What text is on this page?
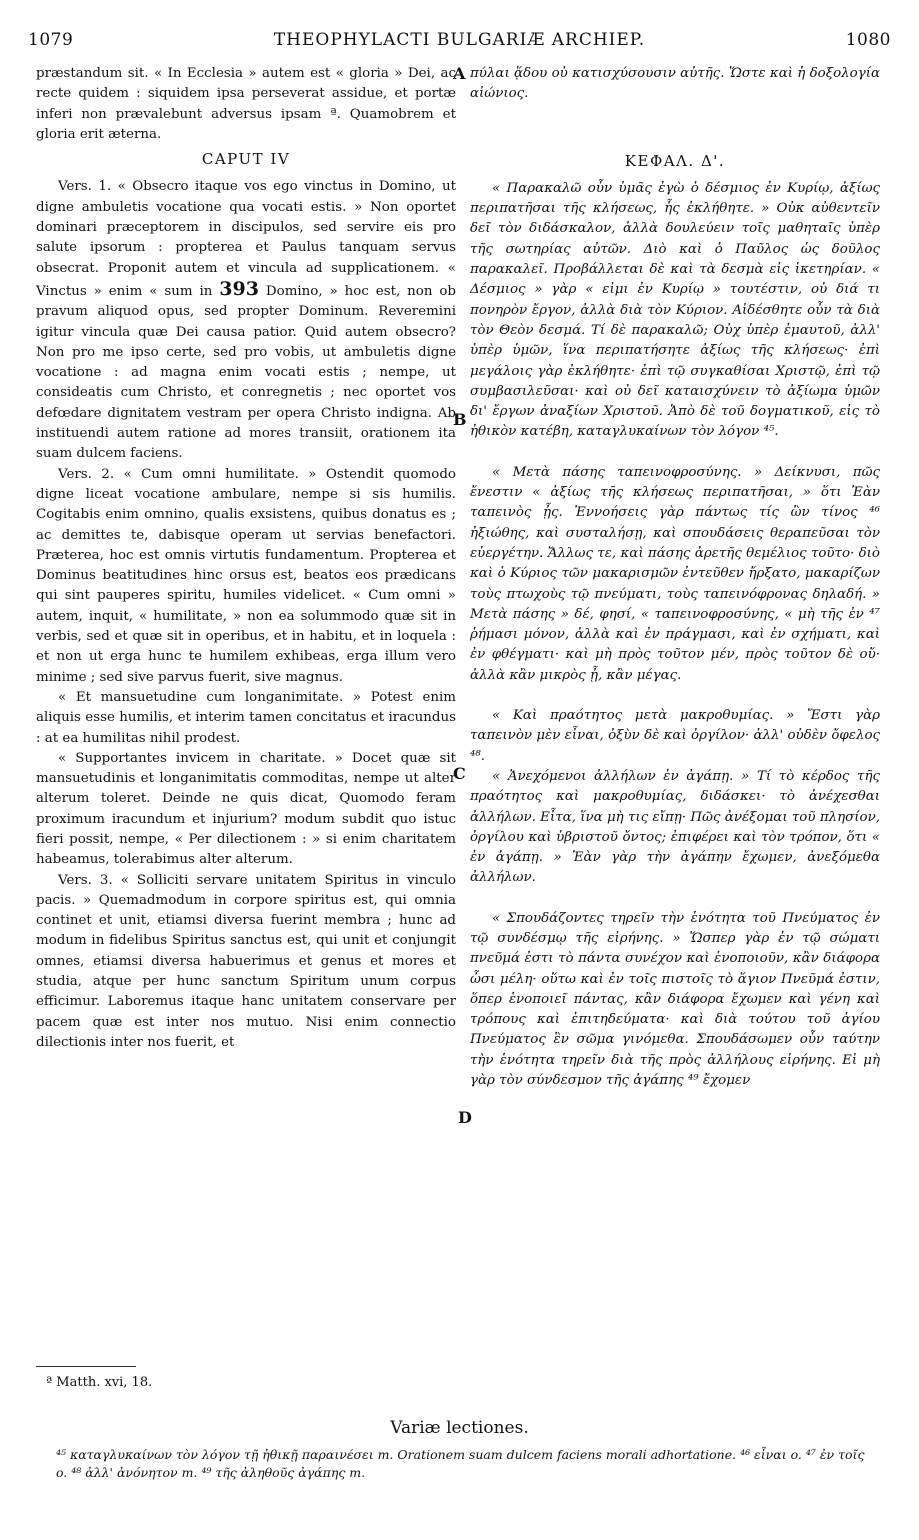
1079	THEOPHYLACTI BULGARIÆ ARCHIEP.	1080

præstandum sit. « In Ecclesia » autem est « gloria » Dei, ac recte quidem : siquidem ipsa perseverat assidue, et portæ inferi non prævalebunt adversus ipsam ª. Quamobrem et gloria erit æterna.

CAPUT IV

Vers. 1. « Obsecro itaque vos ego vinctus in Domino, ut digne ambuletis vocatione qua vocati estis. » Non oportet dominari præceptorem in discipulos, sed servire eis pro salute ipsorum : propterea et Paulus tanquam servus obsecrat. Proponit autem et vincula ad supplicationem. « Vinctus » enim « sum in 393 Domino, » hoc est, non ob pravum aliquod opus, sed propter Dominum. Reveremini igitur vincula quæ Dei causa patior. Quid autem obsecro? Non pro me ipso certe, sed pro vobis, ut ambuletis digne vocatione : ad magna enim vocati estis ; nempe, ut consideatis cum Christo, et conregnetis ; nec oportet vos defœdare dignitatem vestram per opera Christo indigna. Ab instituendi autem ratione ad mores transiit, orationem ita suam dulcem faciens.

Vers. 2. « Cum omni humilitate. » Ostendit quomodo digne liceat vocatione ambulare, nempe si sis humilis. Cogitabis enim omnino, qualis exsistens, quibus donatus es ; ac demittes te, dabisque operam ut servias benefactori. Præterea, hoc est omnis virtutis fundamentum. Propterea et Dominus beatitudines hinc orsus est, beatos eos prædicans qui sint pauperes spiritu, humiles videlicet. « Cum omni » autem, inquit, « humilitate, » non ea solummodo quæ sit in verbis, sed et quæ sit in operibus, et in habitu, et in loquela : et non ut erga hunc te humilem exhibeas, erga illum vero minime ; sed sive parvus fuerit, sive magnus.

« Et mansuetudine cum longanimitate. » Potest enim aliquis esse humilis, et interim tamen concitatus et iracundus : at ea humilitas nihil prodest.

« Supportantes invicem in charitate. » Docet quæ sit mansuetudinis et longanimitatis commoditas, nempe ut alter alterum toleret. Deinde ne quis dicat, Quomodo feram proximum iracundum et injurium? modum subdit quo istuc fieri possit, nempe, « Per dilectionem : » si enim charitatem habeamus, tolerabimus alter alterum.

Vers. 3. « Solliciti servare unitatem Spiritus in vinculo pacis. » Quemadmodum in corpore spiritus est, qui omnia continet et unit, etiamsi diversa fuerint membra ; hunc ad modum in fidelibus Spiritus sanctus est, qui unit et conjungit omnes, etiamsi diversa habuerimus et genus et mores et studia, atque per hunc sanctum Spiritum unum corpus efficimur. Laboremus itaque hanc unitatem conservare per pacem quæ est inter nos mutuo. Nisi enim connectio dilectionis inter nos fuerit, et

A
B
C
D

πύλαι ᾅδου οὐ κατισχύσουσιν αὐτῆς. Ὥστε καὶ ἡ δοξολογία αἰώνιος.

ΚΕΦΑΛ. Δ'.

« Παρακαλῶ οὖν ὑμᾶς ἐγὼ ὁ δέσμιος ἐν Κυρίῳ, ἀξίως περιπατῆσαι τῆς κλήσεως, ἧς ἐκλήθητε. » Οὐκ αὐθεντεῖν δεῖ τὸν διδάσκαλον, ἀλλὰ δουλεύειν τοῖς μαθηταῖς ὑπὲρ τῆς σωτηρίας αὐτῶν. Διὸ καὶ ὁ Παῦλος ὡς δοῦλος παρακαλεῖ. Προβάλλεται δὲ καὶ τὰ δεσμὰ εἰς ἱκετηρίαν. « Δέσμιος » γὰρ « εἰμι ἐν Κυρίῳ » τουτέστιν, οὐ διά τι πονηρὸν ἔργον, ἀλλὰ διὰ τὸν Κύριον. Αἰδέσθητε οὖν τὰ διὰ τὸν Θεὸν δεσμά. Τί δὲ παρακαλῶ; Οὐχ ὑπὲρ ἐμαυτοῦ, ἀλλ' ὑπὲρ ὑμῶν, ἵνα περιπατήσητε ἀξίως τῆς κλήσεως· ἐπὶ μεγάλοις γὰρ ἐκλήθητε· ἐπὶ τῷ συγκαθίσαι Χριστῷ, ἐπὶ τῷ συμβασιλεῦσαι· καὶ οὐ δεῖ καταισχύνειν τὸ ἀξίωμα ὑμῶν δι' ἔργων ἀναξίων Χριστοῦ. Ἀπὸ δὲ τοῦ δογματικοῦ, εἰς τὸ ἠθικὸν κατέβη, καταγλυκαίνων τὸν λόγον ⁴⁵.

« Μετὰ πάσης ταπεινοφροσύνης. » Δείκνυσι, πῶς ἔνεστιν « ἀξίως τῆς κλήσεως περιπατῆσαι, » ὅτι Ἐὰν ταπεινὸς ᾖς. Ἐννοήσεις γὰρ πάντως τίς ὢν τίνος ⁴⁶ ἠξιώθης, καὶ συσταλήσῃ, καὶ σπουδάσεις θεραπεῦσαι τὸν εὐεργέτην. Ἄλλως τε, καὶ πάσης ἀρετῆς θεμέλιος τοῦτο· διὸ καὶ ὁ Κύριος τῶν μακαρισμῶν ἐντεῦθεν ἤρξατο, μακαρίζων τοὺς πτωχοὺς τῷ πνεύματι, τοὺς ταπεινόφρονας δηλαδή. » Μετὰ πάσης » δέ, φησί, « ταπεινοφροσύνης, « μὴ τῆς ἐν ⁴⁷ ῥήμασι μόνον, ἀλλὰ καὶ ἐν πράγμασι, καὶ ἐν σχήματι, καὶ ἐν φθέγματι· καὶ μὴ πρὸς τοῦτον μέν, πρὸς τοῦτον δὲ οὔ· ἀλλὰ κἂν μικρὸς ᾖ, κἂν μέγας.

« Καὶ πραότητος μετὰ μακροθυμίας. » Ἔστι γὰρ ταπεινὸν μὲν εἶναι, ὀξὺν δὲ καὶ ὀργίλον· ἀλλ' οὐδὲν ὄφελος ⁴⁸.

« Ἀνεχόμενοι ἀλλήλων ἐν ἀγάπῃ. » Τί τὸ κέρδος τῆς πραότητος καὶ μακροθυμίας, διδάσκει· τὸ ἀνέχεσθαι ἀλλήλων. Εἶτα, ἵνα μὴ τις εἴπῃ· Πῶς ἀνέξομαι τοῦ πλησίον, ὀργίλου καὶ ὑβριστοῦ ὄντος; ἐπιφέρει καὶ τὸν τρόπον, ὅτι « ἐν ἀγάπῃ. » Ἐὰν γὰρ τὴν ἀγάπην ἔχωμεν, ἀνεξόμεθα ἀλλήλων.

« Σπουδάζοντες τηρεῖν τὴν ἑνότητα τοῦ Πνεύματος ἐν τῷ συνδέσμῳ τῆς εἰρήνης. » Ὥσπερ γὰρ ἐν τῷ σώματι πνεῦμά ἐστι τὸ πάντα συνέχον καὶ ἑνοποιοῦν, κἂν διάφορα ὦσι μέλη· οὕτω καὶ ἐν τοῖς πιστοῖς τὸ ἅγιον Πνεῦμά ἐστιν, ὅπερ ἑνοποιεῖ πάντας, κἂν διάφορα ἔχωμεν καὶ γένη καὶ τρόπους καὶ ἐπιτηδεύματα· καὶ διὰ τούτου τοῦ ἁγίου Πνεύματος ἓν σῶμα γινόμεθα. Σπουδάσωμεν οὖν ταύτην τὴν ἑνότητα τηρεῖν διὰ τῆς πρὸς ἀλλήλους εἰρήνης. Εἰ μὴ γὰρ τὸν σύνδεσμον τῆς ἀγάπης ⁴⁹ ἔχομεν

ª Matth. xvi, 18.
Variæ lectiones.
⁴⁵ καταγλυκαίνων τὸν λόγον τῇ ἠθικῇ παραινέσει m. Orationem suam dulcem faciens morali adhortatione. ⁴⁶ εἶναι o. ⁴⁷ ἐν τοῖς o. ⁴⁸ ἀλλ' ἀνόνητον m. ⁴⁹ τῆς ἀληθοῦς ἀγάπης m.
